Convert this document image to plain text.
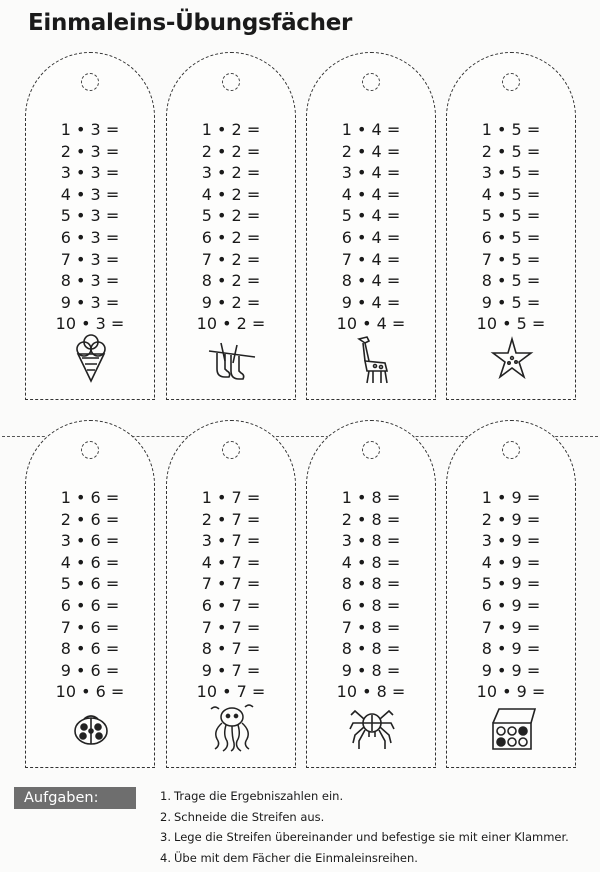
Einmaleins-Übungsfächer
1 • 3 =
2 • 3 =
3 • 3 =
4 • 3 =
5 • 3 =
6 • 3 =
7 • 3 =
8 • 3 =
9 • 3 =
10 • 3 =
1 • 2 =
2 • 2 =
3 • 2 =
4 • 2 =
5 • 2 =
6 • 2 =
7 • 2 =
8 • 2 =
9 • 2 =
10 • 2 =
1 • 4 =
2 • 4 =
3 • 4 =
4 • 4 =
5 • 4 =
6 • 4 =
7 • 4 =
8 • 4 =
9 • 4 =
10 • 4 =
1 • 5 =
2 • 5 =
3 • 5 =
4 • 5 =
5 • 5 =
6 • 5 =
7 • 5 =
8 • 5 =
9 • 5 =
10 • 5 =
1 • 6 =
2 • 6 =
3 • 6 =
4 • 6 =
5 • 6 =
6 • 6 =
7 • 6 =
8 • 6 =
9 • 6 =
10 • 6 =
1 • 7 =
2 • 7 =
3 • 7 =
4 • 7 =
7 • 7 =
6 • 7 =
7 • 7 =
8 • 7 =
9 • 7 =
10 • 7 =
1 • 8 =
2 • 8 =
3 • 8 =
4 • 8 =
8 • 8 =
6 • 8 =
7 • 8 =
8 • 8 =
9 • 8 =
10 • 8 =
1 • 9 =
2 • 9 =
3 • 9 =
4 • 9 =
5 • 9 =
6 • 9 =
7 • 9 =
8 • 9 =
9 • 9 =
10 • 9 =
Aufgaben:	1. Trage die Ergebniszahlen ein.
2. Schneide die Streifen aus.
3. Lege die Streifen übereinander und befestige sie mit einer Klammer.
4. Übe mit dem Fächer die Einmaleinsreihen.
